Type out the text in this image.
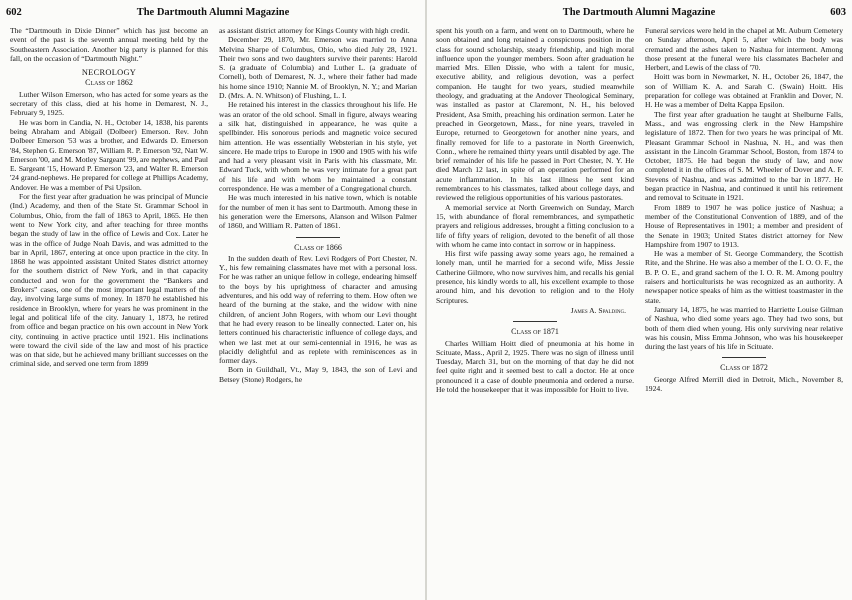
602	The Dartmouth Alumni Magazine

The “Dartmouth in Dixie Dinner” which has just become an event of the past is the seventh annual meeting held by the Southeastern Association. Another big party is planned for this fall, on the occasion of “Dartmouth Night.”

NECROLOGY
Class of 1862

Luther Wilson Emerson, who has acted for some years as the secretary of this class, died at his home in Demarest, N. J., February 9, 1925.

He was born in Candia, N. H., October 14, 1838, his parents being Abraham and Abigail (Dolbeer) Emerson. Rev. John Dolbeer Emerson '53 was a brother, and Edwards D. Emerson '84, Stephen G. Emerson '87, William R. P. Emerson '92, Natt W. Emerson '00, and M. Motley Sargeant '99, are nephews, and Paul E. Sargeant '15, Howard P. Emerson '23, and Walter R. Emerson '24 grand-nephews. He prepared for college at Phillips Academy, Andover. He was a member of Psi Upsilon.

For the first year after graduation he was principal of Muncie (Ind.) Academy, and then of the State St. Grammar School in Columbus, Ohio, from the fall of 1863 to April, 1865. He then went to New York city, and after teaching for three months began the study of law in the office of Lewis and Cox. Later he was in the office of Judge Noah Davis, and was admitted to the bar in April, 1867, entering at once upon practice in the city. In 1868 he was appointed assistant United States district attorney for the southern district of New York, and in that capacity conducted and won for the government the “Bankers and Brokers” cases, one of the most important legal matters of the day, involving large sums of money. In 1870 he established his residence in Brooklyn, where for years he was prominent in the legal and political life of the city. January 1, 1873, he retired from office and began practice on his own account in New York city, continuing in active practice until 1921. His inclinations were toward the civil side of the law and most of his practice was on that side, but he achieved many brilliant successes on the criminal side, and served one term from 1899

as assistant district attorney for Kings County with high credit.

December 29, 1870, Mr. Emerson was married to Anna Melvina Sharpe of Columbus, Ohio, who died July 28, 1921. Their two sons and two daughters survive their parents: Harold S. (a graduate of Columbia) and Luther L. (a graduate of Cornell), both of Demarest, N. J., where their father had made his home since 1910; Nannie M. of Brooklyn, N. Y.; and Marian D. (Mrs. A. N. Whitson) of Flushing, L. I.

He retained his interest in the classics throughout his life. He was an orator of the old school. Small in figure, always wearing a silk hat, distinguished in appearance, he was quite a spellbinder. His sonorous periods and magnetic voice secured him attention. He was essentially Websterian in his style, yet sincere. He made trips to Europe in 1900 and 1905 with his wife and had a very pleasant visit in Paris with his classmate, Mr. Edward Tuck, with whom he was very intimate for a great part of his life and with whom he maintained a constant correspondence. He was a member of a Congregational church.

He was much interested in his native town, which is notable for the number of men it has sent to Dartmouth. Among these in his generation were the Emersons, Alanson and Wilson Palmer of 1860, and William R. Patten of 1861.

Class of 1866

In the sudden death of Rev. Levi Rodgers of Port Chester, N. Y., his few remaining classmates have met with a personal loss. For he was rather an unique fellow in college, endearing himself to the boys by his uprightness of character and amusing adventures, and his odd way of referring to them. How often we heard of the burning at the stake, and the widow with nine children, of ancient John Rogers, with whom our Levi thought that he had every reason to be lineally connected. Later on, his letters continued his characteristic influence of college days, and when we last met at our semi-centennial in 1916, he was as placidly delightful and as replete with reminiscences as in former days.

Born in Guildhall, Vt., May 9, 1843, the son of Levi and Betsey (Stone) Rodgers, he

The Dartmouth Alumni Magazine	603

spent his youth on a farm, and went on to Dartmouth, where he soon obtained and long retained a conspicuous position in the class for sound scholarship, steady friendship, and high moral influence upon the younger members. Soon after graduation he married Mrs. Ellen Dissie, who with a talent for music, executive ability, and religious devotion, was a perfect companion. He taught for two years, studied meanwhile theology, and graduating at the Andover Theological Seminary, was installed as pastor at Claremont, N. H., his beloved President, Asa Smith, preaching his ordination sermon. Later he preached in Georgetown, Mass., for nine years, traveled in Europe, returned to Georgetown for another nine years, and finally removed for life to a pastorate in North Greenwich, Conn., where he remained thirty years until disabled by age. The brief remainder of his life he passed in Port Chester, N. Y. He died March 12 last, in spite of an operation performed for an acute inflammation. In his last illness he sent kind remembrances to his classmates, talked about college days, and reviewed the religious opportunities of his various pastorates.

A memorial service at North Greenwich on Sunday, March 15, with abundance of floral remembrances, and sympathetic prayers and religious addresses, brought a fitting conclusion to a life of fifty years of religion, devoted to the benefit of all those with whom he came into contact in sorrow or in happiness.

His first wife passing away some years ago, he remained a lonely man, until he married for a second wife, Miss Jessie Catherine Gilmore, who now survives him, and recalls his genial presence, his kindly words to all, his excellent example to those around him, and his devotion to religion and to the Holy Scriptures.

James A. Spalding.
Class of 1871

Charles William Hoitt died of pneumonia at his home in Scituate, Mass., April 2, 1925. There was no sign of illness until Tuesday, March 31, but on the morning of that day he did not feel quite right and it seemed best to call a doctor. He at once pronounced it a case of double pneumonia and ordered a nurse. He told the housekeeper that it was impossible for Hoitt to live.

Funeral services were held in the chapel at Mt. Auburn Cemetery on Sunday afternoon, April 5, after which the body was cremated and the ashes taken to Nashua for interment. Among those present at the funeral were his classmates Bacheler and Herbert, and Lewis of the class of '70.

Hoitt was born in Newmarket, N. H., October 26, 1847, the son of William K. A. and Sarah C. (Swain) Hoitt. His preparation for college was obtained at Franklin and Dover, N. H. He was a member of Delta Kappa Epsilon.

The first year after graduation he taught at Shelburne Falls, Mass., and was engrossing clerk in the New Hampshire legislature of 1872. Then for two years he was principal of Mt. Pleasant Grammar School in Nashua, N. H., and was then assistant in the Lincoln Grammar School, Boston, from 1874 to October, 1875. He had begun the study of law, and now completed it in the offices of S. M. Wheeler of Dover and A. F. Stevens of Nashua, and was admitted to the bar in 1877. He began practice in Nashua, and continued it until his retirement and removal to Scituate in 1921.

From 1889 to 1907 he was police justice of Nashua; a member of the Constitutional Convention of 1889, and of the House of Representatives in 1901; a member and president of the Senate in 1903; United States district attorney for New Hampshire from 1907 to 1913.

He was a member of St. George Commandery, the Scottish Rite, and the Shrine. He was also a member of the I. O. O. F., the B. P. O. E., and grand sachem of the I. O. R. M. Among poultry raisers and horticulturists he was recognized as an authority. A newspaper notice speaks of him as the wittiest toastmaster in the state.

January 14, 1875, he was married to Harriette Louise Gilman of Nashua, who died some years ago. They had two sons, but both of them died when young. His only surviving near relative was his cousin, Miss Emma Johnson, who was his housekeeper during the last years of his life in Scituate.

Class of 1872

George Alfred Merrill died in Detroit, Mich., November 8, 1924.
